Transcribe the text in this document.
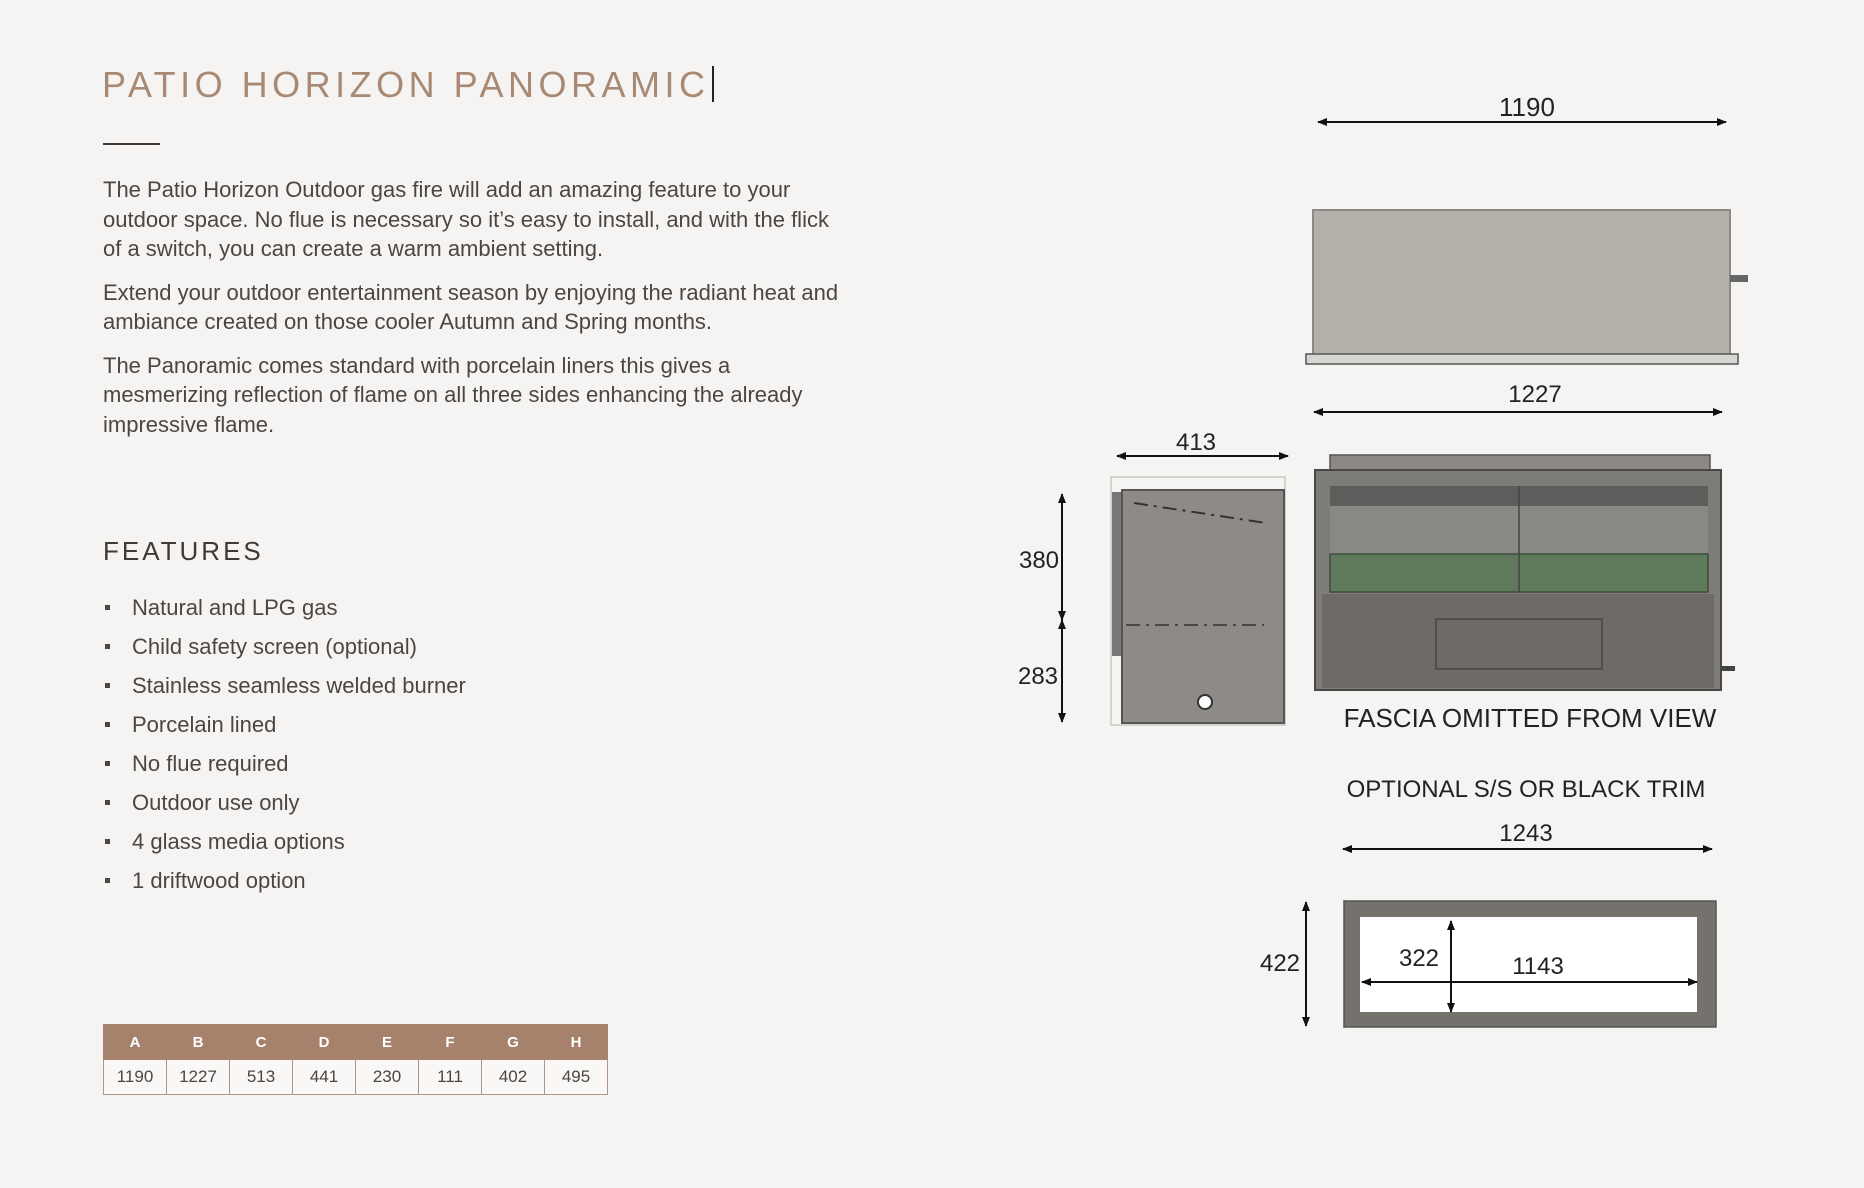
PATIO HORIZON PANORAMIC

The Patio Horizon Outdoor gas fire will add an amazing feature to your outdoor space. No flue is necessary so it’s easy to install, and with the flick of a switch, you can create a warm ambient setting.

Extend your outdoor entertainment season by enjoying the radiant heat and ambiance created on those cooler Autumn and Spring months.

The Panoramic comes standard with porcelain liners this gives a mesmerizing reflection of flame on all three sides enhancing the already impressive flame.

FEATURES
Natural and LPG gas
Child safety screen (optional)
Stainless seamless welded burner
Porcelain lined
No flue required
Outdoor use only
4 glass media options
1 driftwood option
A	B	C	D	E	F	G	H
1190	1227	513	441	230	111	402	495
1190
1227
FASCIA OMITTED FROM VIEW
413
380
283
OPTIONAL S/S OR BLACK TRIM
1243
422	322	1143
